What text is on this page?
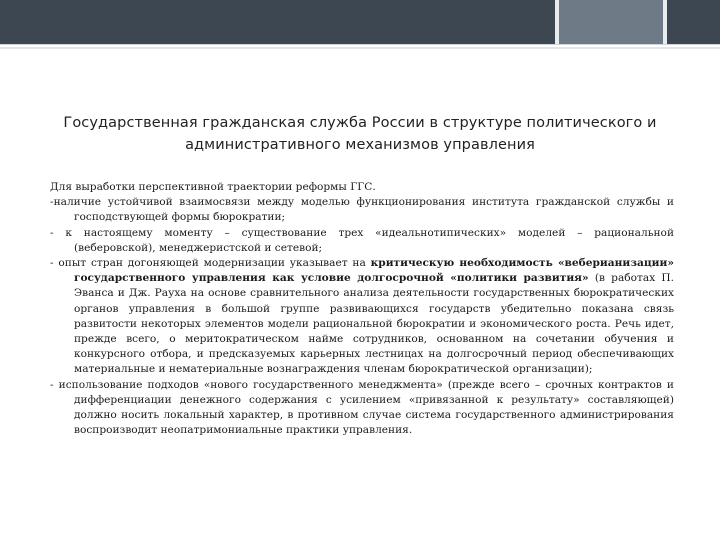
Государственная гражданская служба России в структуре политического и административного механизмов управления

Для выработки перспективной траектории реформы ГГС.

-наличие устойчивой взаимосвязи между моделью функционирования института гражданской службы и господствующей формы бюрократии;

- к настоящему моменту – существование трех «идеальнотипических» моделей – рациональной (веберовской), менеджеристской и сетевой;

- опыт стран догоняющей модернизации указывает на критическую необходимость «веберианизации» государственного управления как условие долгосрочной «политики развития» (в работах П. Эванса и Дж. Рауха на основе сравнительного анализа деятельности государственных бюрократических органов управления в большой группе развивающихся государств убедительно показана связь развитости некоторых элементов модели рациональной бюрократии и экономического роста. Речь идет, прежде всего, о меритократическом найме сотрудников, основанном на сочетании обучения и конкурсного отбора, и предсказуемых карьерных лестницах на долгосрочный период обеспечивающих материальные и нематериальные вознаграждения членам бюрократической организации);

- использование подходов «нового государственного менеджмента» (прежде всего – срочных контрактов и дифференциации денежного содержания с усилением «привязанной к результату» составляющей) должно носить локальный характер, в противном случае система государственного администрирования воспроизводит неопатримониальные практики управления.
